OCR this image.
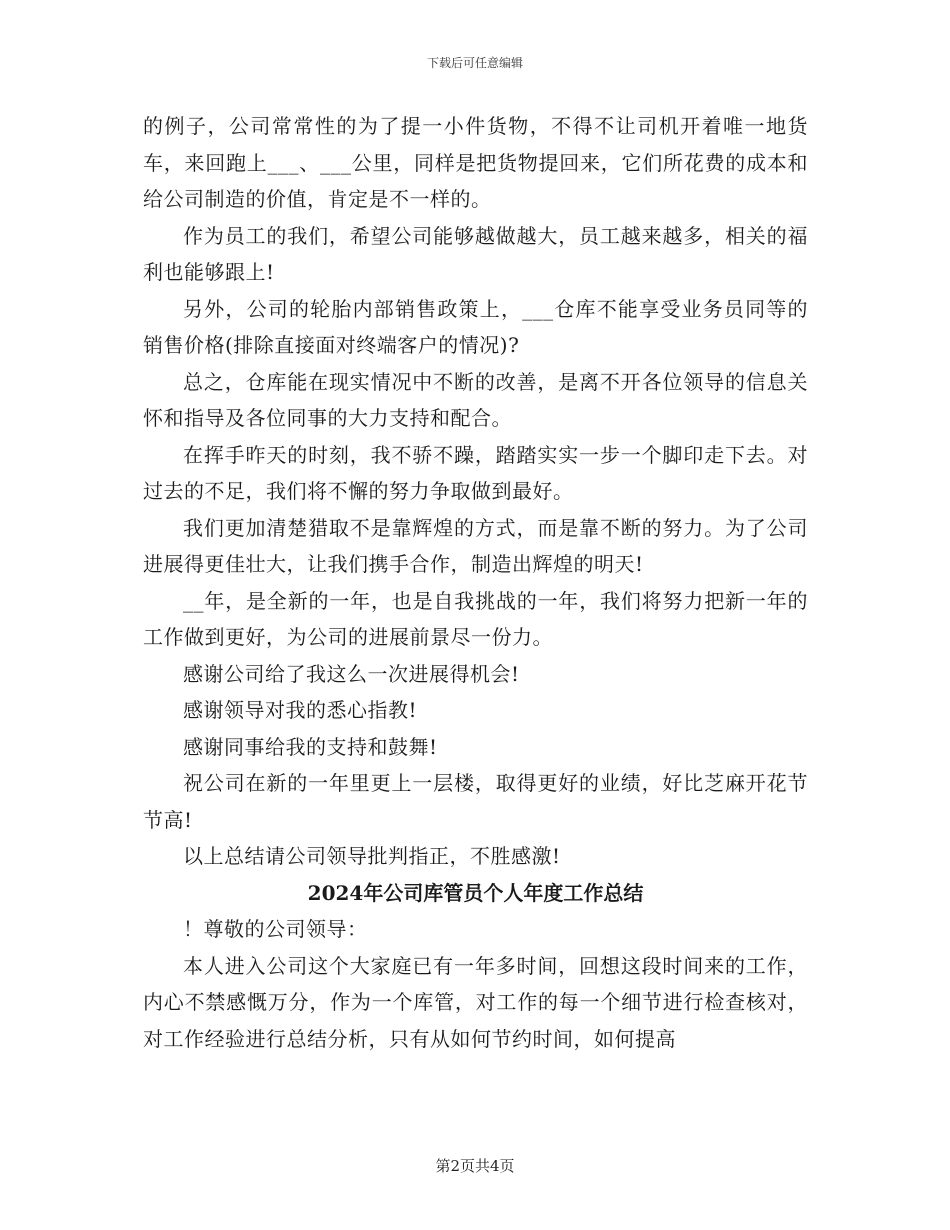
下载后可任意编辑

的例子，公司常常性的为了提一小件货物，不得不让司机开着唯一地货车，来回跑上___、___公里，同样是把货物提回来，它们所花费的成本和给公司制造的价值，肯定是不一样的。

作为员工的我们，希望公司能够越做越大，员工越来越多，相关的福利也能够跟上!

另外，公司的轮胎内部销售政策上，___仓库不能享受业务员同等的销售价格(排除直接面对终端客户的情况)?

总之，仓库能在现实情况中不断的改善，是离不开各位领导的信息关怀和指导及各位同事的大力支持和配合。

在挥手昨天的时刻，我不骄不躁，踏踏实实一步一个脚印走下去。对过去的不足，我们将不懈的努力争取做到最好。

我们更加清楚猎取不是靠辉煌的方式，而是靠不断的努力。为了公司进展得更佳壮大，让我们携手合作，制造出辉煌的明天!

__年，是全新的一年，也是自我挑战的一年，我们将努力把新一年的工作做到更好，为公司的进展前景尽一份力。

感谢公司给了我这么一次进展得机会!

感谢领导对我的悉心指教!

感谢同事给我的支持和鼓舞!

祝公司在新的一年里更上一层楼，取得更好的业绩，好比芝麻开花节节高!

以上总结请公司领导批判指正，不胜感激!

2024年公司库管员个人年度工作总结

！尊敬的公司领导：

本人进入公司这个大家庭已有一年多时间，回想这段时间来的工作，内心不禁感慨万分，作为一个库管，对工作的每一个细节进行检查核对，对工作经验进行总结分析，只有从如何节约时间，如何提高

第2页共4页
